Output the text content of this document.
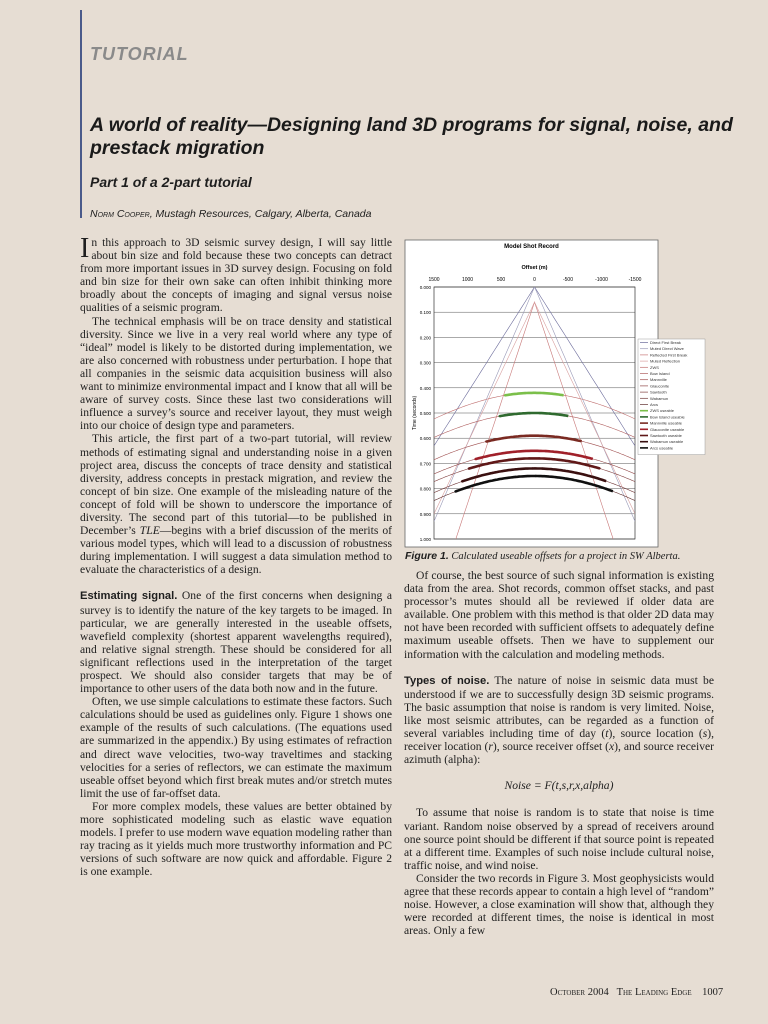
TUTORIAL
A world of reality—Designing land 3D programs for signal, noise, and prestack migration
Part 1 of a 2-part tutorial
Norm Cooper, Mustagh Resources, Calgary, Alberta, Canada

In this approach to 3D seismic survey design, I will say little about bin size and fold because these two concepts can detract from more important issues in 3D survey design. Focusing on fold and bin size for their own sake can often inhibit thinking more broadly about the concepts of imaging and signal versus noise qualities of a seismic program.

The technical emphasis will be on trace density and statistical diversity. Since we live in a very real world where any type of “ideal” model is likely to be distorted during implementation, we are also concerned with robustness under perturbation. I hope that all companies in the seismic data acquisition business will also want to minimize environmental impact and I know that all will be aware of survey costs. Since these last two considerations will influence a survey’s source and receiver layout, they must weigh into our choice of design type and parameters.

This article, the first part of a two-part tutorial, will review methods of estimating signal and understanding noise in a given project area, discuss the concepts of trace density and statistical diversity, address concepts in prestack migration, and review the concept of bin size. One example of the misleading nature of the concept of fold will be shown to underscore the importance of diversity. The second part of this tutorial—to be published in December’s TLE—begins with a brief discussion of the merits of various model types, which will lead to a discussion of robustness during implementation. I will suggest a data simulation method to evaluate the characteristics of a design.

Estimating signal. One of the first concerns when designing a survey is to identify the nature of the key targets to be imaged. In particular, we are generally interested in the useable offsets, wavefield complexity (shortest apparent wavelengths required), and relative signal strength. These should be considered for all significant reflections used in the interpretation of the target prospect. We should also consider targets that may be of importance to other users of the data both now and in the future.

Often, we use simple calculations to estimate these factors. Such calculations should be used as guidelines only. Figure 1 shows one example of the results of such calculations. (The equations used are summarized in the appendix.) By using estimates of refraction and direct wave velocities, two-way traveltimes and stacking velocities for a series of reflectors, we can estimate the maximum useable offset beyond which first break mutes and/or stretch mutes limit the use of far-offset data.

For more complex models, these values are better obtained by more sophisticated modeling such as elastic wave equation models. I prefer to use modern wave equation modeling rather than ray tracing as it yields much more trustworthy information and PC versions of such software are now quick and affordable. Figure 2 is one example.

Model Shot Record
Offset (m)
1500	1000	500	0	-500	-1000	-1500
Time (seconds)
0.000
0.100
0.200
0.300
0.400
0.500
0.600
0.700
0.800
0.900
1.000
Direct First Break
Muted Direct Wave
Reflected First Break
Muted Reflection
ZWS
Bow Island
Mannville
Glauconite
Sawtooth
Wabamun
Arcs
ZWS useable
Bow Island useable
Mannville useable
Glauconite useable
Sawtooth useable
Wabamun useable
Arcs useable
Figure 1. Calculated useable offsets for a project in SW Alberta.

Of course, the best source of such signal information is existing data from the area. Shot records, common offset stacks, and past processor’s mutes should all be reviewed if older data are available. One problem with this method is that older 2D data may not have been recorded with sufficient offsets to adequately define maximum useable offsets. Then we have to supplement our information with the calculation and modeling methods.

Types of noise. The nature of noise in seismic data must be understood if we are to successfully design 3D seismic programs. The basic assumption that noise is random is very limited. Noise, like most seismic attributes, can be regarded as a function of several variables including time of day (t), source location (s), receiver location (r), source receiver offset (x), and source receiver azimuth (alpha):

Noise = F(t,s,r,x,alpha)

To assume that noise is random is to state that noise is time variant. Random noise observed by a spread of receivers around one source point should be different if that source point is repeated at a different time. Examples of such noise include cultural noise, traffic noise, and wind noise.

Consider the two records in Figure 3. Most geophysicists would agree that these records appear to contain a high level of “random” noise. However, a close examination will show that, although they were recorded at different times, the noise is identical in most areas. Only a few

October 2004 The Leading Edge 1007
